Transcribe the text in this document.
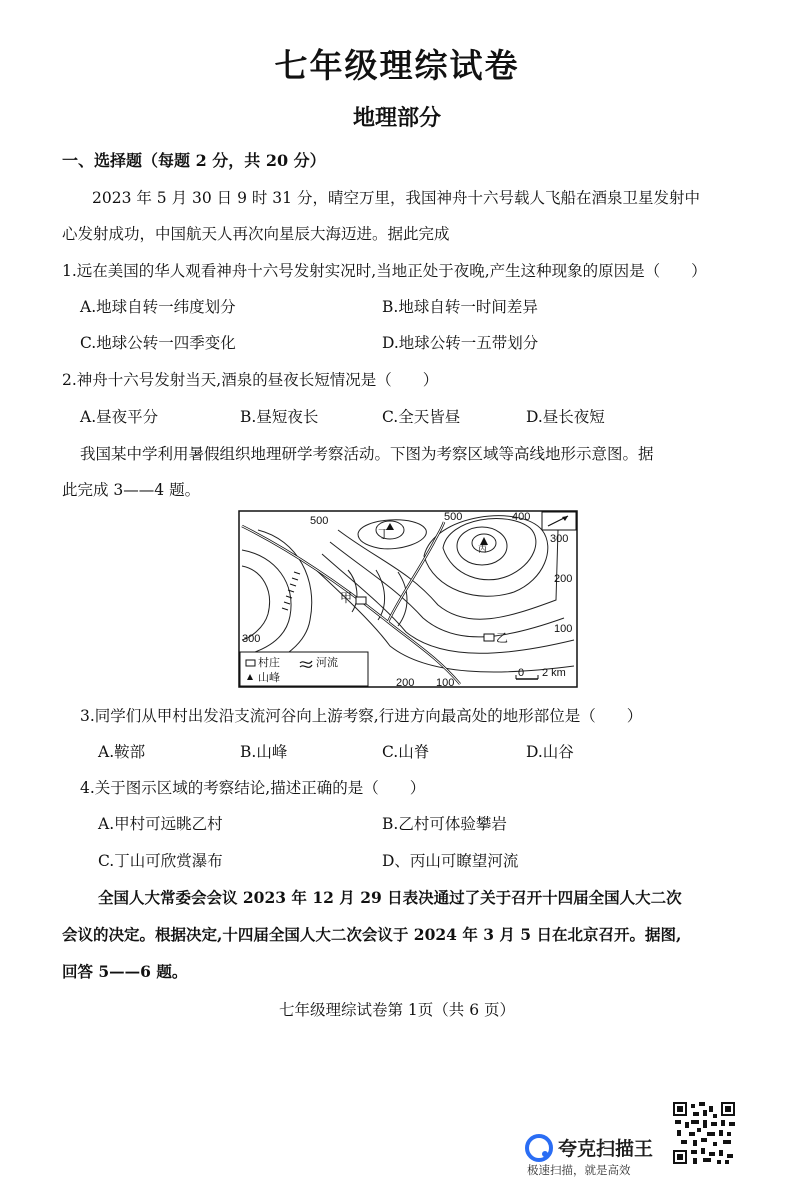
七年级理综试卷
地理部分
一、选择题（每题 2 分，共 20 分）
2023 年 5 月 30 日 9 时 31 分，晴空万里，我国神舟十六号载人飞船在酒泉卫星发射中
心发射成功，中国航天人再次向星辰大海迈进。据此完成
1.远在美国的华人观看神舟十六号发射实况时,当地正处于夜晚,产生这种现象的原因是（　　）
A.地球自转一纬度划分	B.地球自转一时间差异
C.地球公转一四季变化	D.地球公转一五带划分
2.神舟十六号发射当天,酒泉的昼夜长短情况是（　　）
A.昼夜平分	B.昼短夜长	C.全天皆昼	D.昼长夜短
我国某中学利用暑假组织地理研学考察活动。下图为考察区域等高线地形示意图。据
此完成 3——4 题。
500	500	400
300
200
100
300
200 100
0 2 km
甲
乙
丁
丙
村庄	河流
山峰
3.同学们从甲村出发沿支流河谷向上游考察,行进方向最高处的地形部位是（　　）
A.鞍部	B.山峰	C.山脊	D.山谷
4.关于图示区域的考察结论,描述正确的是（　　）
A.甲村可远眺乙村	B.乙村可体验攀岩
C.丁山可欣赏瀑布	D、丙山可瞭望河流
全国人大常委会会议 2023 年 12 月 29 日表决通过了关于召开十四届全国人大二次
会议的决定。根据决定,十四届全国人大二次会议于 2024 年 3 月 5 日在北京召开。据图,
回答 5——6 题。
七年级理综试卷第 1页（共 6 页）
夸克扫描王
极速扫描，就是高效
